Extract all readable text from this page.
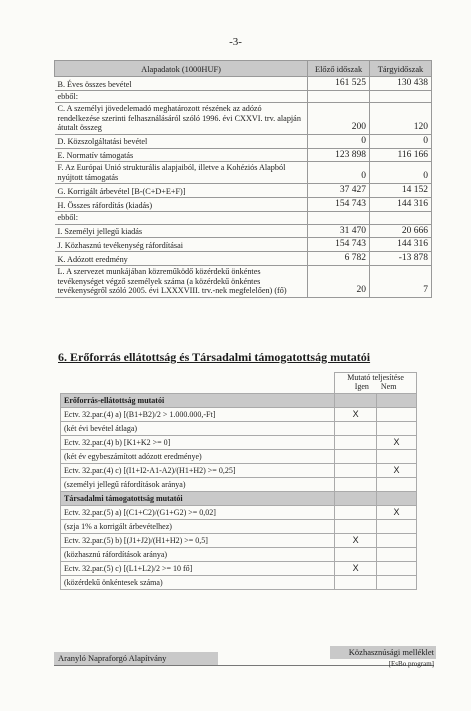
-3-
Alapadatok (1000HUF)	Előző időszak	Tárgyidőszak
B. Éves összes bevétel	161 525	130 438
ebből:		
C. A személyi jövedelemadó meghatározott részének az adózó rendelkezése szerinti felhasználásáról szóló 1996. évi CXXVI. trv. alapján átutalt összeg	200	120
D. Közszolgáltatási bevétel	0	0
E. Normatív támogatás	123 898	116 166
F. Az Európai Unió strukturális alapjaiból, illetve a Kohéziós Alapból nyújtott támogatás	0	0
G. Korrigált árbevétel [B-(C+D+E+F)]	37 427	14 152
H. Összes ráfordítás (kiadás)	154 743	144 316
ebből:		
I. Személyi jellegű kiadás	31 470	20 666
J. Közhasznú tevékenység ráfordításai	154 743	144 316
K. Adózott eredmény	6 782	-13 878
L. A szervezet munkájában közreműködő közérdekű önkéntes tevékenységet végző személyek száma (a közérdekű önkéntes tevékenységről szóló 2005. évi LXXXVIII. trv.-nek megfelelően) (fő)	20	7
6. Erőforrás ellátottság és Társadalmi támogatottság mutatói
	Mutató teljesítése
Igen Nem	
Erőforrás-ellátottság mutatói		
Ectv. 32.par.(4) a) [(B1+B2)/2 > 1.000.000,-Ft]	X	
(két évi bevétel átlaga)		
Ectv. 32.par.(4) b) [K1+K2 >= 0]		X
(két év egybeszámított adózott eredménye)		
Ectv. 32.par.(4) c) [(I1+I2-A1-A2)/(H1+H2) >= 0,25]		X
(személyi jellegű ráfordítások aránya)		
Társadalmi támogatottság mutatói		
Ectv. 32.par.(5) a) [(C1+C2)/(G1+G2) >= 0,02]		X
(szja 1% a korrigált árbevételhez)		
Ectv. 32.par.(5) b) [(J1+J2)/(H1+H2) >= 0,5]	X	
(közhasznú ráfordítások aránya)		
Ectv. 32.par.(5) c) [(L1+L2)/2 >= 10 fő]	X	
(közérdekű önkéntesek száma)		
Közhasznúsági melléklet
Aranyló Napraforgó Alapítvány
[EsBo program]
